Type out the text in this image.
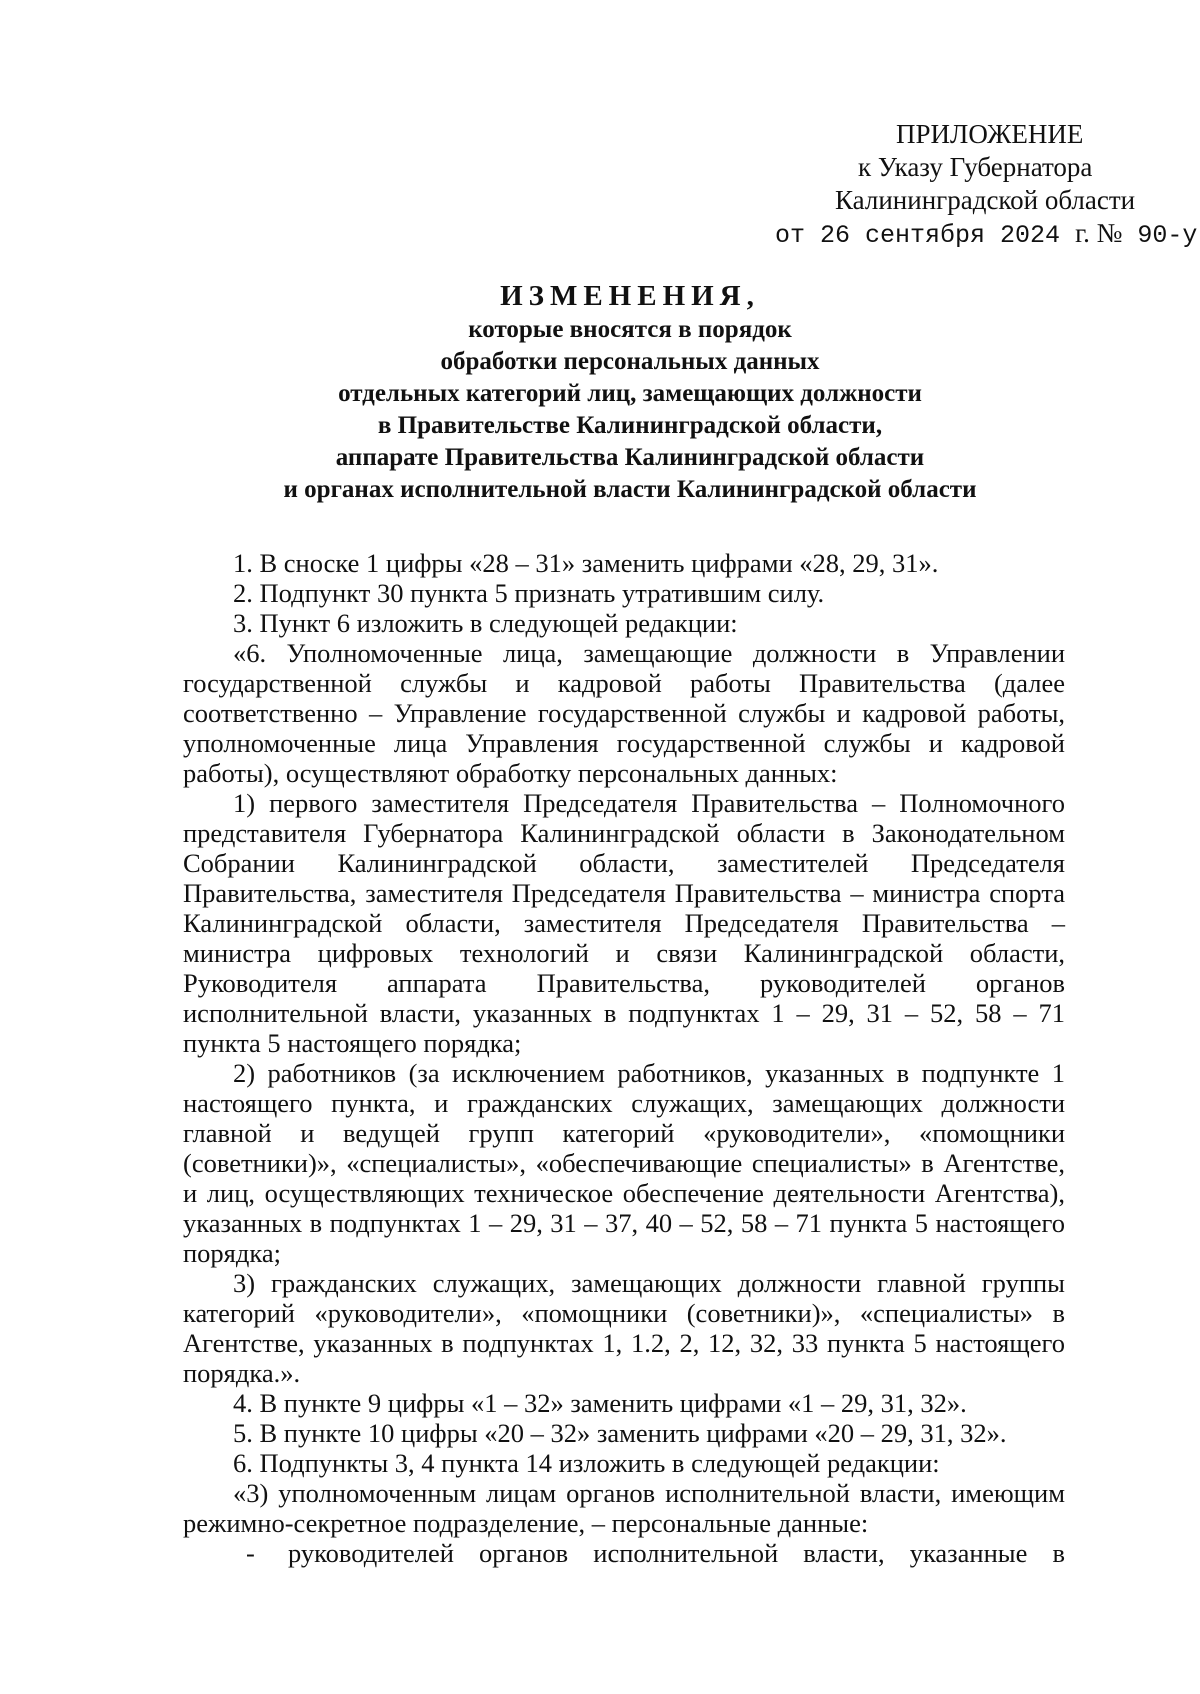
ПРИЛОЖЕНИЕ
к Указу Губернатора
Калининградской области
от 26 сентября 2024 г. № 90-у

ИЗМЕНЕНИЯ,

которые вносятся в порядок

обработки персональных данных

отдельных категорий лиц, замещающих должности

в Правительстве Калининградской области,

аппарате Правительства Калининградской области

и органах исполнительной власти Калининградской области

1. В сноске 1 цифры «28 – 31» заменить цифрами «28, 29, 31».

2. Подпункт 30 пункта 5 признать утратившим силу.

3. Пункт 6 изложить в следующей редакции:

«6. Уполномоченные лица, замещающие должности в Управлении государственной службы и кадровой работы Правительства (далее соответственно – Управление государственной службы и кадровой работы, уполномоченные лица Управления государственной службы и кадровой работы), осуществляют обработку персональных данных:

1) первого заместителя Председателя Правительства – Полномочного представителя Губернатора Калининградской области в Законодательном Собрании Калининградской области, заместителей Председателя Правительства, заместителя Председателя Правительства – министра спорта Калининградской области, заместителя Председателя Правительства – министра цифровых технологий и связи Калининградской области, Руководителя аппарата Правительства, руководителей органов исполнительной власти, указанных в подпунктах 1 – 29, 31 – 52, 58 – 71 пункта 5 настоящего порядка;

2) работников (за исключением работников, указанных в подпункте 1 настоящего пункта, и гражданских служащих, замещающих должности главной и ведущей групп категорий «руководители», «помощники (советники)», «специалисты», «обеспечивающие специалисты» в Агентстве, и лиц, осуществляющих техническое обеспечение деятельности Агентства), указанных в подпунктах 1 – 29, 31 – 37, 40 – 52, 58 – 71 пункта 5 настоящего порядка;

3) гражданских служащих, замещающих должности главной группы категорий «руководители», «помощники (советники)», «специалисты» в Агентстве, указанных в подпунктах 1, 1.2, 2, 12, 32, 33 пункта 5 настоящего порядка.».

4. В пункте 9 цифры «1 – 32» заменить цифрами «1 – 29, 31, 32».

5. В пункте 10 цифры «20 – 32» заменить цифрами «20 – 29, 31, 32».

6. Подпункты 3, 4 пункта 14 изложить в следующей редакции:

«3) уполномоченным лицам органов исполнительной власти, имеющим режимно-секретное подразделение, – персональные данные:

-	руководителей органов исполнительной власти, указанные в
